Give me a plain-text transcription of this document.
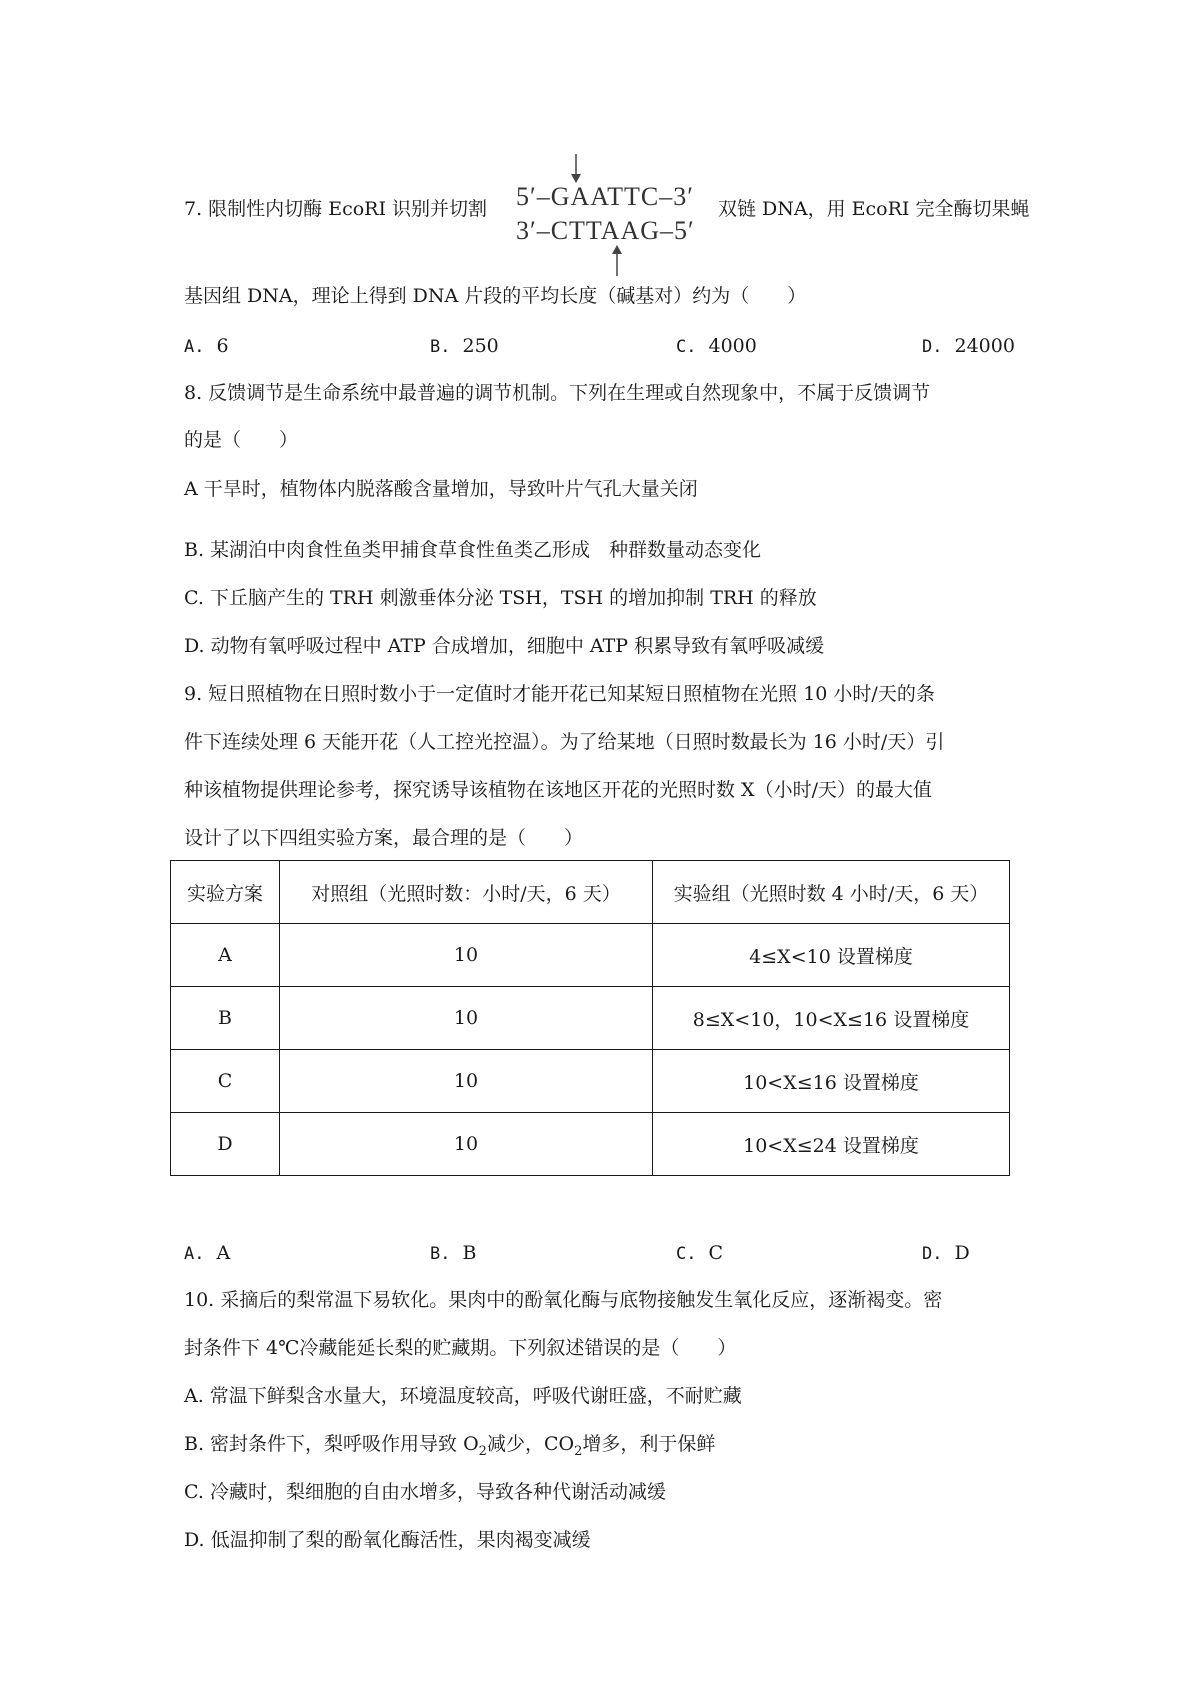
7. 限制性内切酶 EcoRI 识别并切割 5′–GAATTC–3′
3′–CTTAAG–5′
双链 DNA，用 EcoRI 完全酶切果蝇
基因组 DNA，理论上得到 DNA 片段的平均长度（碱基对）约为（　　）
A. 6	B. 250	C. 4000	D. 24000
8. 反馈调节是生命系统中最普遍的调节机制。下列在生理或自然现象中，不属于反馈调节
的是（　　）
A 干旱时，植物体内脱落酸含量增加，导致叶片气孔大量关闭
B. 某湖泊中肉食性鱼类甲捕食草食性鱼类乙形成　种群数量动态变化
C. 下丘脑产生的 TRH 刺激垂体分泌 TSH，TSH 的增加抑制 TRH 的释放
D. 动物有氧呼吸过程中 ATP 合成增加，细胞中 ATP 积累导致有氧呼吸减缓
9. 短日照植物在日照时数小于一定值时才能开花已知某短日照植物在光照 10 小时/天的条
件下连续处理 6 天能开花（人工控光控温）。为了给某地（日照时数最长为 16 小时/天）引
种该植物提供理论参考，探究诱导该植物在该地区开花的光照时数 X（小时/天）的最大值
设计了以下四组实验方案，最合理的是（　　）
实验方案	对照组（光照时数：小时/天，6 天）	实验组（光照时数 4 小时/天，6 天）
A	10	4≤X<10 设置梯度
B	10	8≤X<10，10<X≤16 设置梯度
C	10	10<X≤16 设置梯度
D	10	10<X≤24 设置梯度
A. A	B. B	C. C	D. D
10. 采摘后的梨常温下易软化。果肉中的酚氧化酶与底物接触发生氧化反应，逐渐褐变。密
封条件下 4℃冷藏能延长梨的贮藏期。下列叙述错误的是（　　）
A. 常温下鲜梨含水量大，环境温度较高，呼吸代谢旺盛，不耐贮藏
B. 密封条件下，梨呼吸作用导致 $O_2$减少，$CO_2$增多，利于保鲜
C. 冷藏时，梨细胞的自由水增多，导致各种代谢活动减缓
D. 低温抑制了梨的酚氧化酶活性，果肉褐变减缓
